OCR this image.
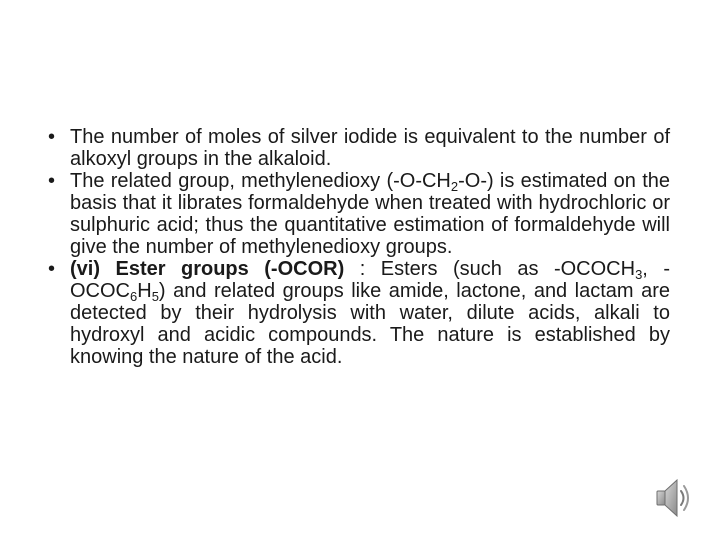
• The number of moles of silver iodide is equivalent to the number of alkoxyl groups in the alkaloid.
• The related group, methylenedioxy $(-O-CH_2-O-)$ is estimated on the basis that it librates formaldehyde when treated with hydrochloric or sulphuric acid; thus the quantitative estimation of formaldehyde will give the number of methylenedioxy groups.
• (vi) Ester groups (-OCOR) : Esters (such as $-OCOCH_3$, $-OCOC_6H_5$) and related groups like amide, lactone, and lactam are detected by their hydrolysis with water, dilute acids, alkali to hydroxyl and acidic compounds. The nature is established by knowing the nature of the acid.
